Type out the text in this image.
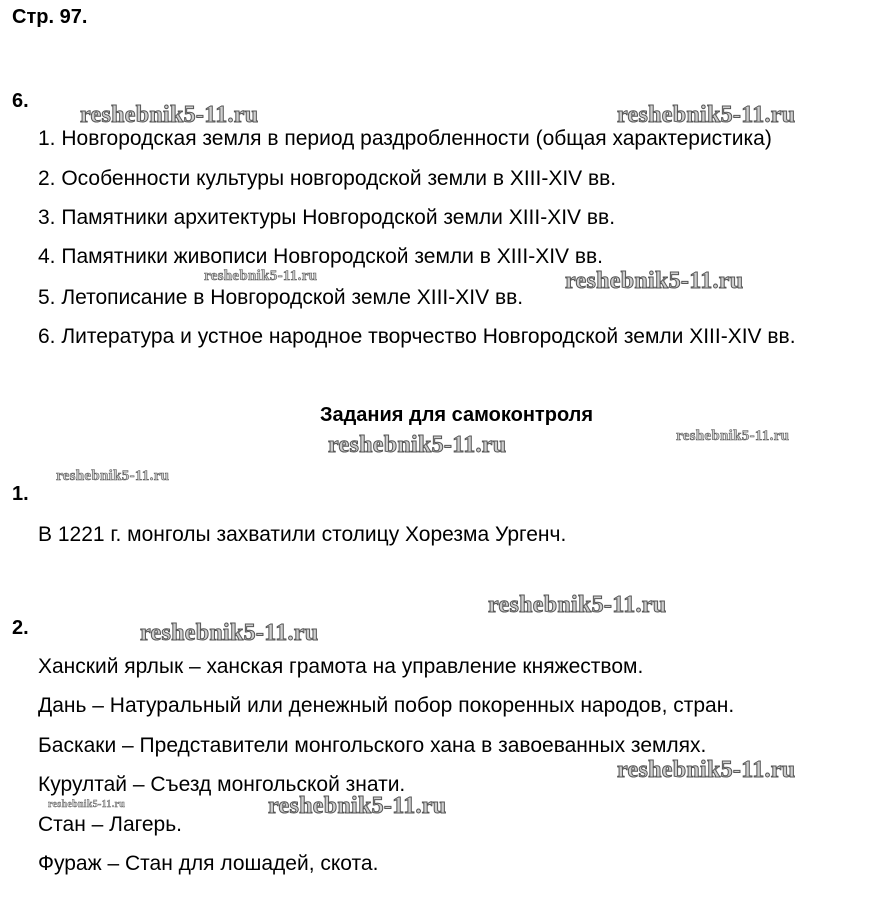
Стр. 97.
6.
1. Новгородская земля в период раздробленности (общая характеристика)
2. Особенности культуры новгородской земли в XIII-XIV вв.
3. Памятники архитектуры Новгородской земли XIII-XIV вв.
4. Памятники живописи Новгородской земли в XIII-XIV вв.
5. Летописание в Новгородской земле XIII-XIV вв.
6. Литература и устное народное творчество Новгородской земли XIII-XIV вв.
Задания для самоконтроля
1.
В 1221 г. монголы захватили столицу Хорезма Ургенч.
2.
Ханский ярлык – ханская грамота на управление княжеством.
Дань – Натуральный или денежный побор покоренных народов, стран.
Баскаки – Представители монгольского хана в завоеванных землях.
Курултай – Съезд монгольской знати.
Стан – Лагерь.
Фураж – Стан для лошадей, скота.
reshebnik5-11.ru	reshebnik5-11.ru
reshebnik5-11.ru	reshebnik5-11.ru
reshebnik5-11.ru	reshebnik5-11.ru
reshebnik5-11.ru
reshebnik5-11.ru
reshebnik5-11.ru
reshebnik5-11.ru
reshebnik5-11.ru	reshebnik5-11.ru
